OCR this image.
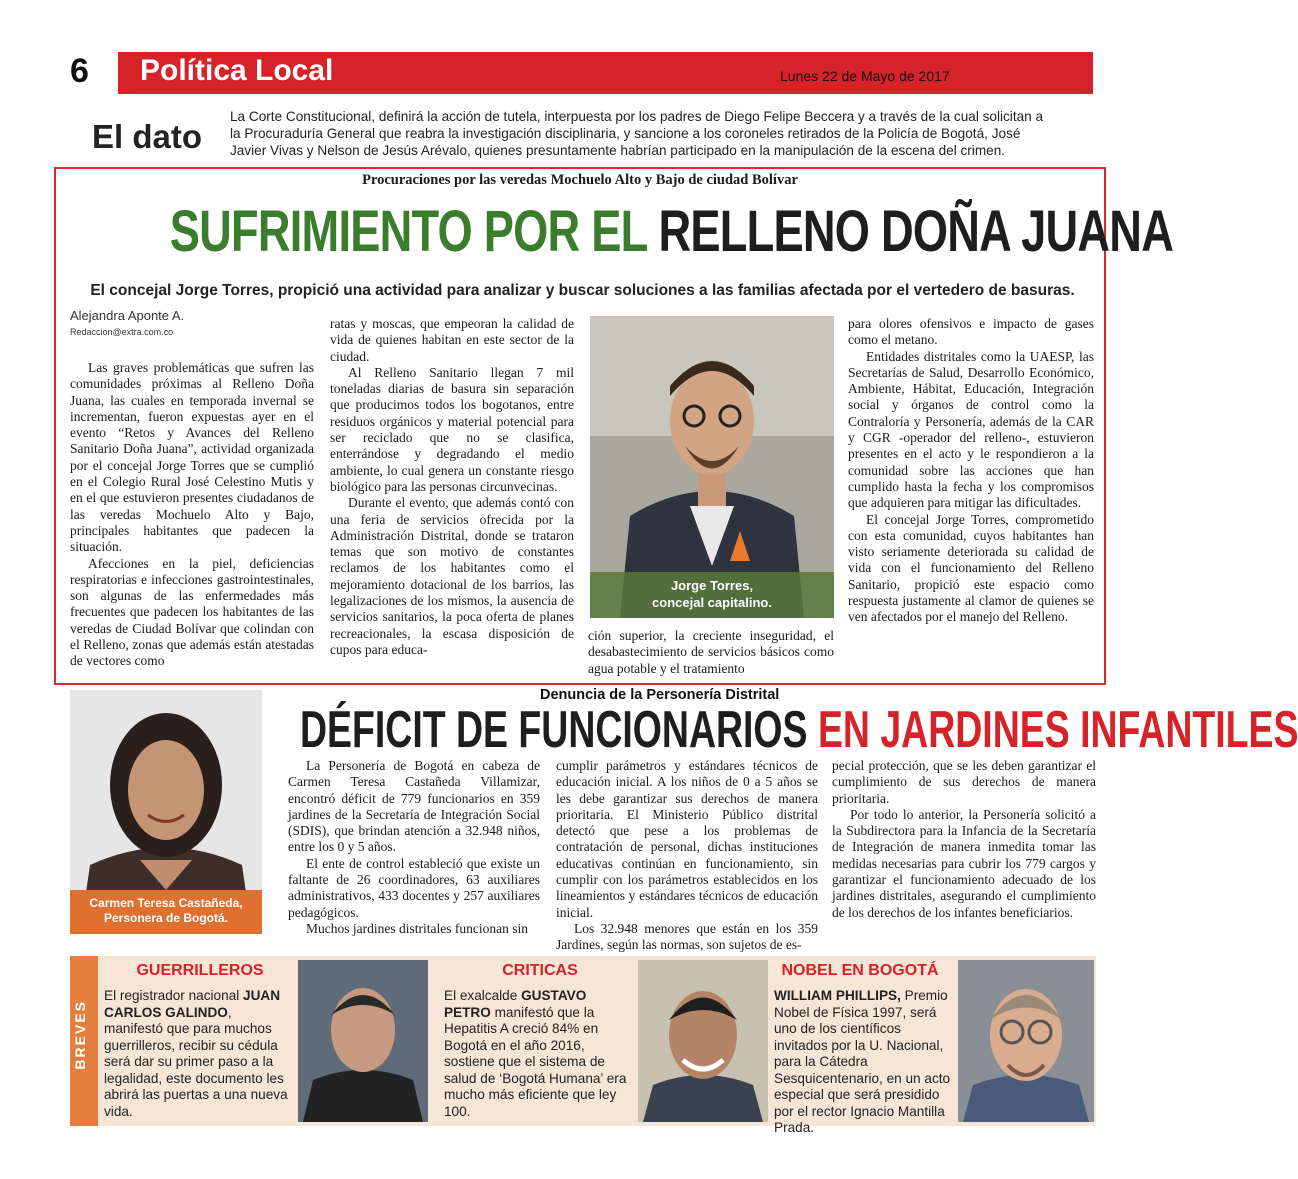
6 Política Local	Lunes 22 de Mayo de 2017 EXTRA
El dato
La Corte Constitucional, definirá la acción de tutela, interpuesta por los padres de Diego Felipe Beccera y a través de la cual solicitan a la Procuraduría General que reabra la investigación disciplinaria, y sancione a los coroneles retirados de la Policía de Bogotá, José Javier Vivas y Nelson de Jesús Arévalo, quienes presuntamente habrían participado en la manipulación de la escena del crimen.
Procuraciones por las veredas Mochuelo Alto y Bajo de ciudad Bolívar
SUFRIMIENTO POR EL RELLENO DOÑA JUANA
El concejal Jorge Torres, propició una actividad para analizar y buscar soluciones a las familias afectada por el vertedero de basuras.
Alejandra Aponte A.
Redaccion@extra.com.co

Las graves problemáticas que sufren las comunidades próximas al Relleno Doña Juana, las cuales en temporada invernal se incrementan, fueron expuestas ayer en el evento “Retos y Avances del Relleno Sanitario Doña Juana”, actividad organizada por el concejal Jorge Torres que se cumplió en el Colegio Rural José Celestino Mutis y en el que estuvieron presentes ciudadanos de las veredas Mochuelo Alto y Bajo, principales habitantes que padecen la situación.

Afecciones en la piel, deficiencias respiratorias e infecciones gastrointestinales, son algunas de las enfermedades más frecuentes que padecen los habitantes de las veredas de Ciudad Bolívar que colindan con el Relleno, zonas que además están atestadas de vectores como

ratas y moscas, que empeoran la calidad de vida de quienes habitan en este sector de la ciudad.

Al Relleno Sanitario llegan 7 mil toneladas diarias de basura sin separación que producimos todos los bogotanos, entre residuos orgánicos y material potencial para ser reciclado que no se clasifica, enterrándose y degradando el medio ambiente, lo cual genera un constante riesgo biológico para las personas circunvecinas.

Durante el evento, que además contó con una feria de servicios ofrecida por la Administración Distrital, donde se trataron temas que son motivo de constantes reclamos de los habitantes como el mejoramiento dotacional de los barrios, las legalizaciones de los mismos, la ausencia de servicios sanitarios, la poca oferta de planes recreacionales, la escasa disposición de cupos para educa-

Jorge Torres,
concejal capitalino.

ción superior, la creciente inseguridad, el desabastecimiento de servicios básicos como agua potable y el tratamiento

para olores ofensivos e impacto de gases como el metano.

Entidades distritales como la UAESP, las Secretarías de Salud, Desarrollo Económico, Ambiente, Hábitat, Educación, Integración social y órganos de control como la Contraloría y Personería, además de la CAR y CGR -operador del relleno-, estuvieron presentes en el acto y le respondieron a la comunidad sobre las acciones que han cumplido hasta la fecha y los compromisos que adquieren para mitigar las dificultades.

El concejal Jorge Torres, comprometido con esta comunidad, cuyos habitantes han visto seriamente deteriorada su calidad de vida con el funcionamiento del Relleno Sanitario, propició este espacio como respuesta justamente al clamor de quienes se ven afectados por el manejo del Relleno.

Carmen Teresa Castañeda,
Personera de Bogotá.
Denuncia de la Personería Distrital
DÉFICIT DE FUNCIONARIOS EN JARDINES INFANTILES

La Personería de Bogotá en cabeza de Carmen Teresa Castañeda Villamizar, encontró déficit de 779 funcionarios en 359 jardines de la Secretaría de Integración Social (SDIS), que brindan atención a 32.948 niños, entre los 0 y 5 años.

El ente de control estableció que existe un faltante de 26 coordinadores, 63 auxiliares administrativos, 433 docentes y 257 auxiliares pedagógicos.

Muchos jardines distritales funcionan sin

cumplir parámetros y estándares técnicos de educación inicial. A los niños de 0 a 5 años se les debe garantizar sus derechos de manera prioritaria. El Ministerio Público distrital detectó que pese a los problemas de contratación de personal, dichas instituciones educativas continúan en funcionamiento, sin cumplir con los parámetros establecidos en los lineamientos y estándares técnicos de educación inicial.

Los 32.948 menores que están en los 359 Jardines, según las normas, son sujetos de es-

pecial protección, que se les deben garantizar el cumplimiento de sus derechos de manera prioritaria.

Por todo lo anterior, la Personería solicitó a la Subdirectora para la Infancia de la Secretaría de Integración de manera inmedita tomar las medidas necesarias para cubrir los 779 cargos y garantizar el funcionamiento adecuado de los jardines distritales, asegurando el cumplimiento de los derechos de los infantes beneficiarios.

BREVES
GUERRILLEROS
El registrador nacional JUAN CARLOS GALINDO, manifestó que para muchos guerrilleros, recibir su cédula será dar su primer paso a la legalidad, este documento les abrirá las puertas a una nueva vida.
CRITICAS
El exalcalde GUSTAVO PETRO manifestó que la Hepatitis A creció 84% en Bogotá en el año 2016, sostiene que el sistema de salud de ‘Bogotá Humana’ era mucho más eficiente que ley 100.
NOBEL EN BOGOTÁ
WILLIAM PHILLIPS, Premio Nobel de Física 1997, será uno de los científicos invitados por la U. Nacional, para la Cátedra Sesquicentenario, en un acto especial que será presidido por el rector Ignacio Mantilla Prada.
